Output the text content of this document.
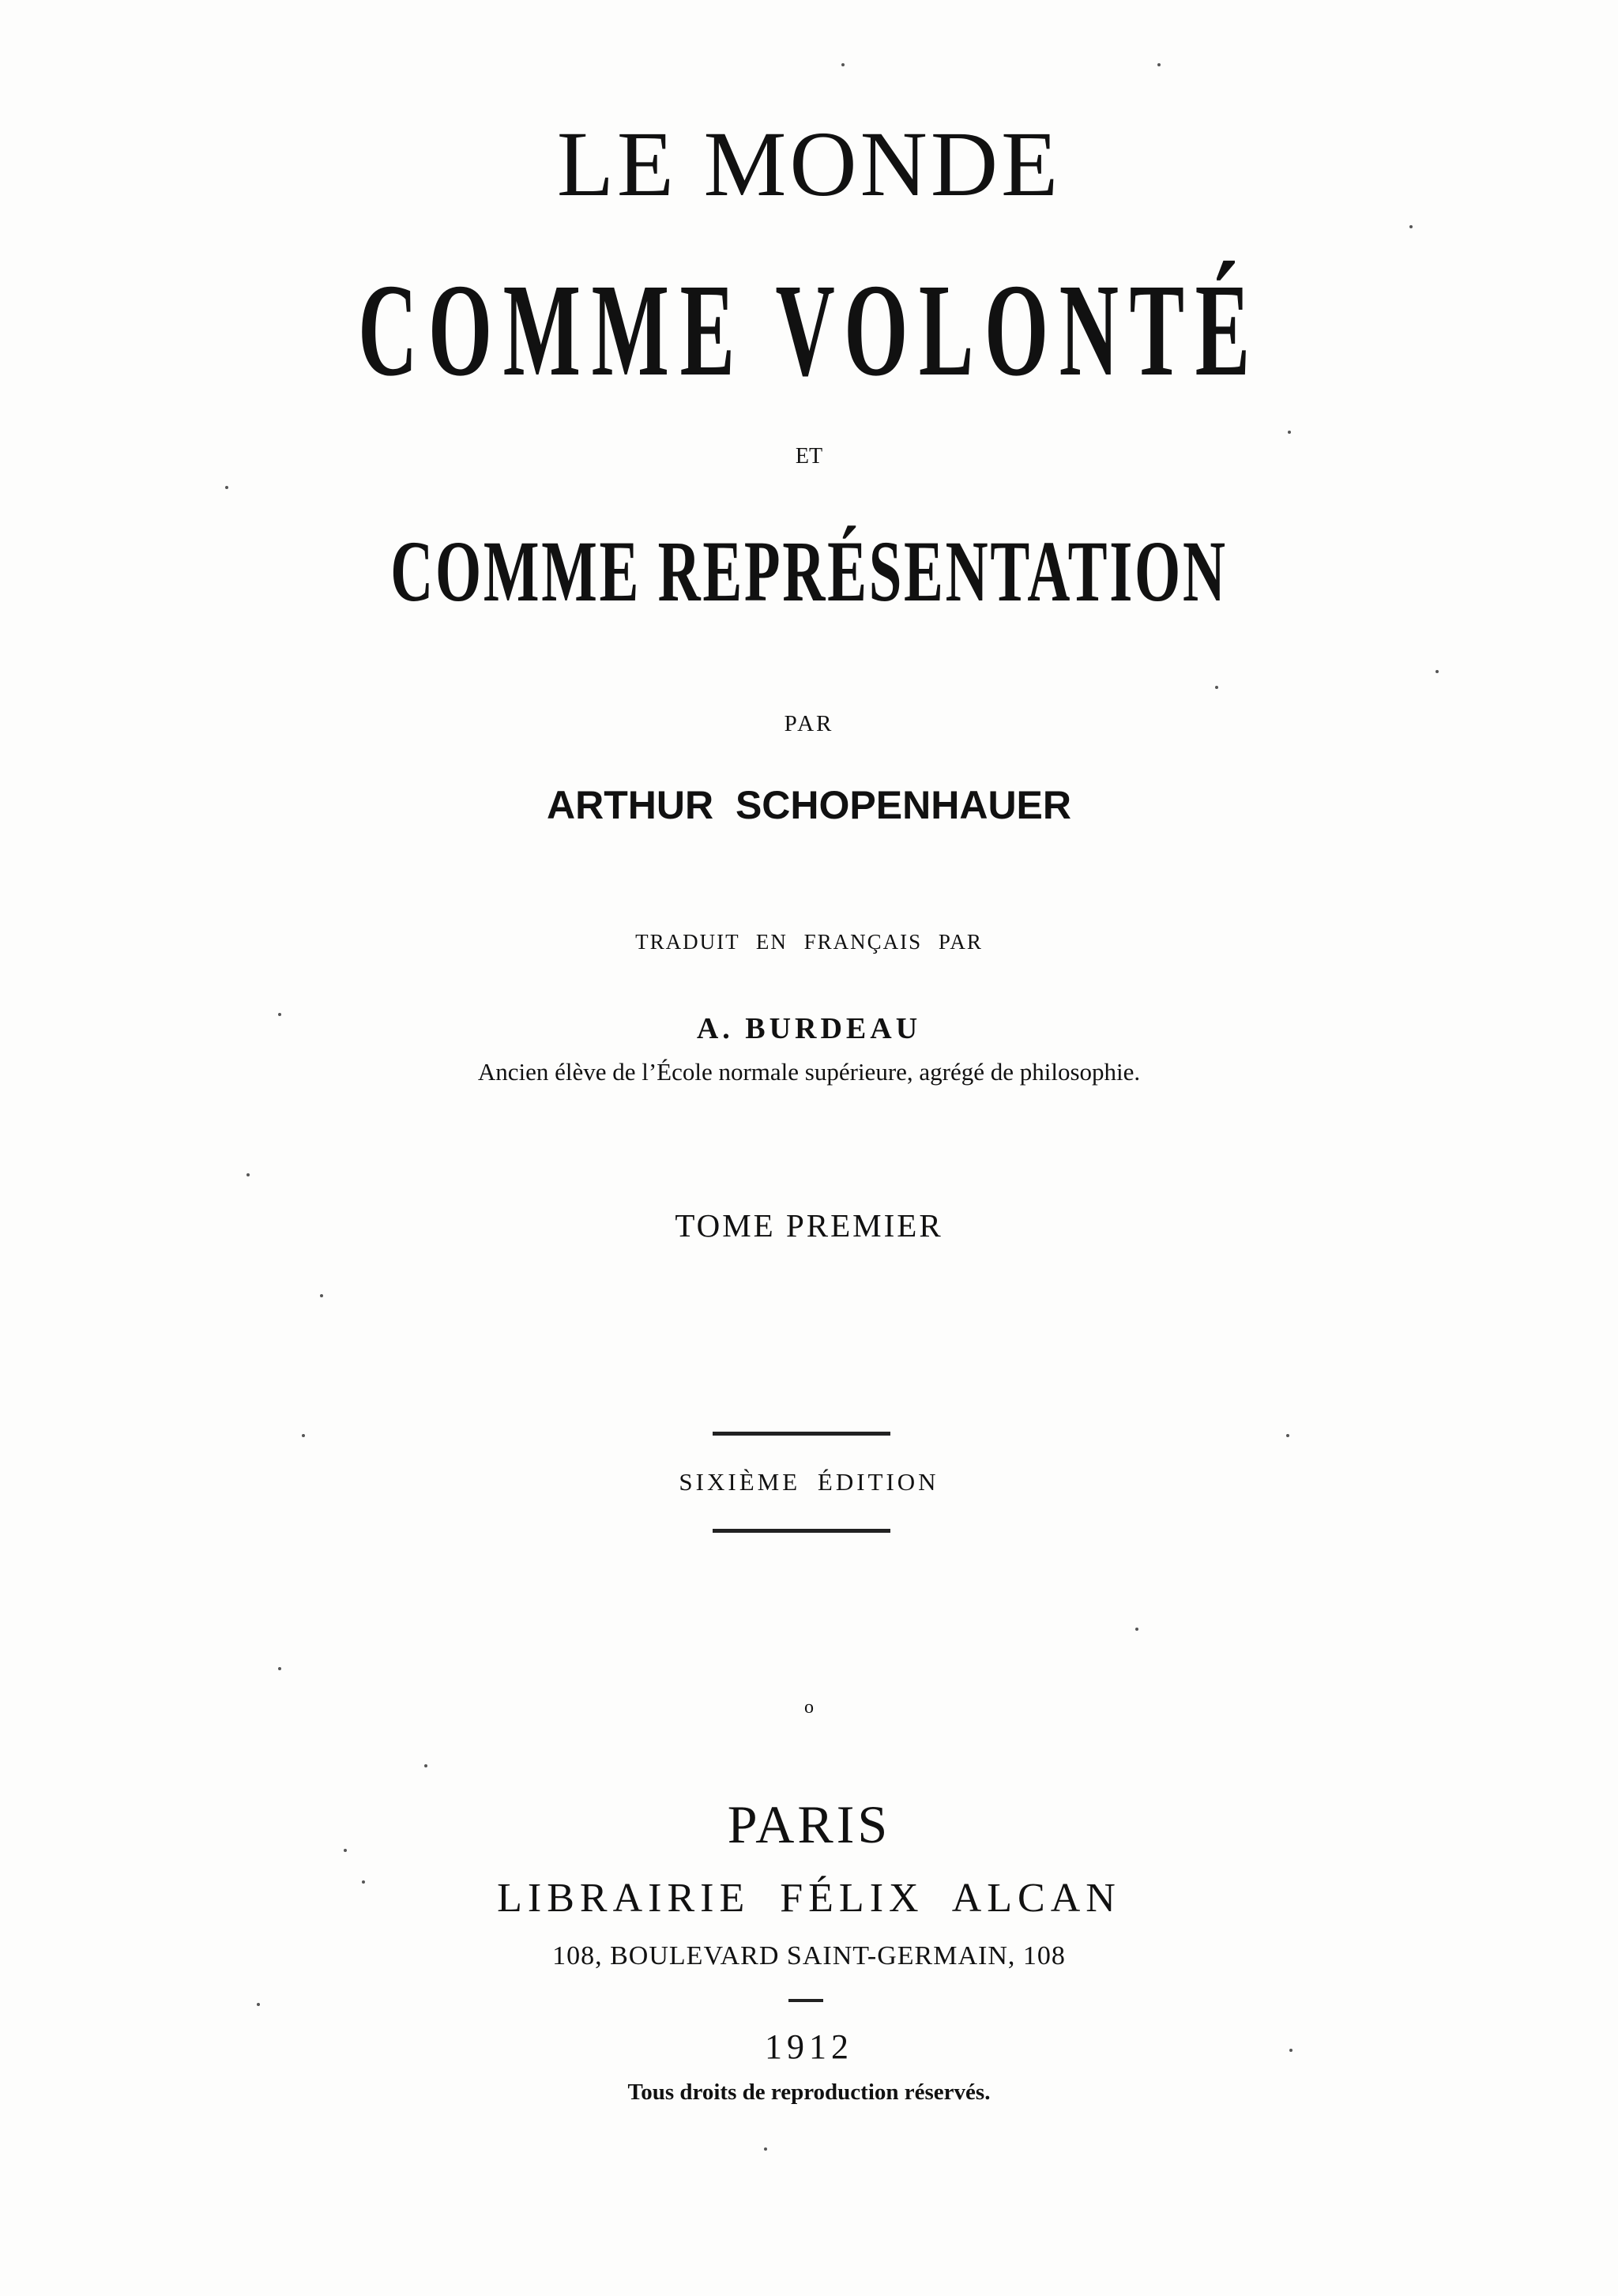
LE MONDE

COMME VOLONTÉ

ET

COMME REPRÉSENTATION

PAR

ARTHUR SCHOPENHAUER

TRADUIT EN FRANÇAIS PAR

A. BURDEAU

Ancien élève de l’École normale supérieure, agrégé de philosophie.

TOME PREMIER

SIXIÈME ÉDITION

o

PARIS

LIBRAIRIE FÉLIX ALCAN

108, BOULEVARD SAINT-GERMAIN, 108

1912

Tous droits de reproduction réservés.
